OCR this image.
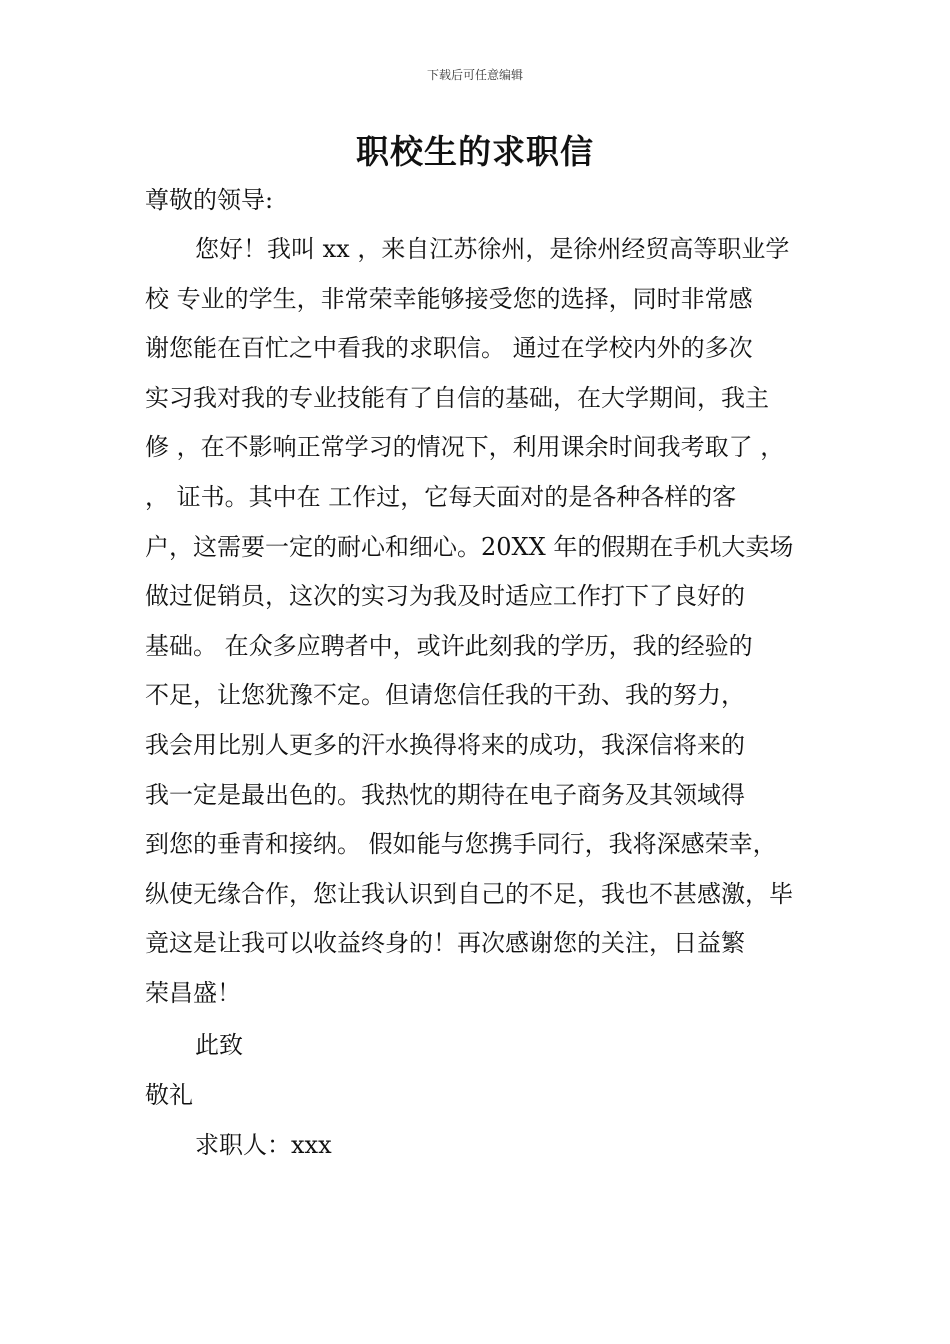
下载后可任意编辑
职校生的求职信

尊敬的领导:

您好！我叫 xx ，来自江苏徐州，是徐州经贸高等职业学
校 专业的学生，非常荣幸能够接受您的选择，同时非常感
谢您能在百忙之中看我的求职信。 通过在学校内外的多次
实习我对我的专业技能有了自信的基础，在大学期间，我主
修 ，在不影响正常学习的情况下，利用课余时间我考取了 ，
， 证书。其中在 工作过，它每天面对的是各种各样的客
户，这需要一定的耐心和细心。20XX 年的假期在手机大卖场
做过促销员，这次的实习为我及时适应工作打下了良好的
基础。 在众多应聘者中，或许此刻我的学历，我的经验的
不足，让您犹豫不定。但请您信任我的干劲、我的努力，
我会用比别人更多的汗水换得将来的成功，我深信将来的
我一定是最出色的。我热忱的期待在电子商务及其领域得
到您的垂青和接纳。 假如能与您携手同行，我将深感荣幸，
纵使无缘合作，您让我认识到自己的不足，我也不甚感激，毕
竟这是让我可以收益终身的！再次感谢您的关注，日益繁
荣昌盛！

此致

敬礼

求职人：xxx
